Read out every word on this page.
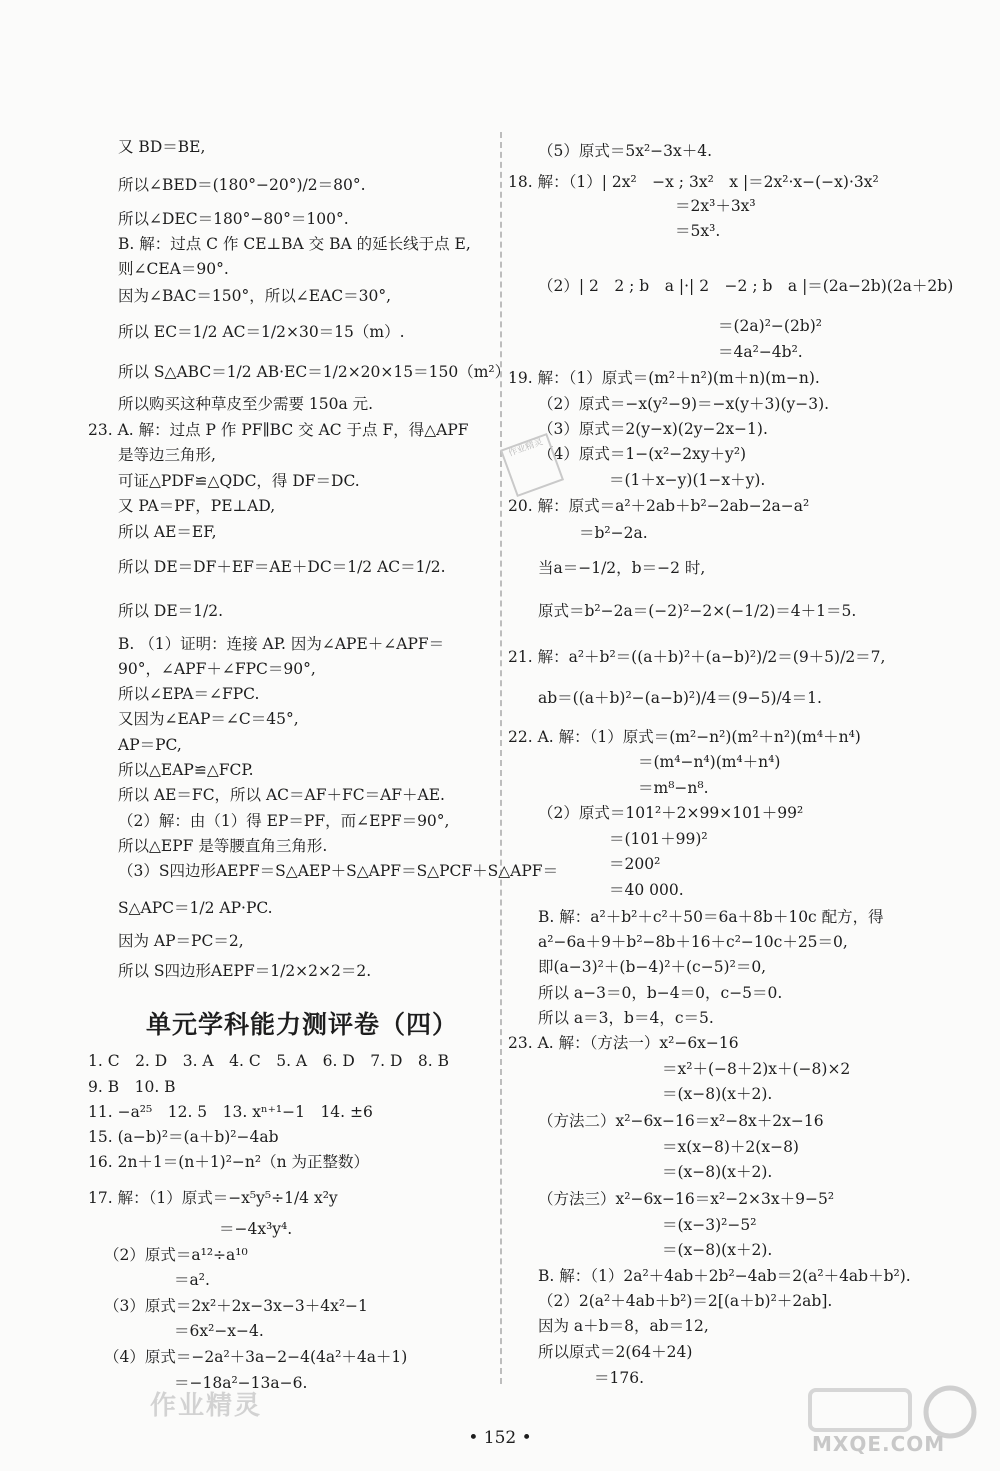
又 BD＝BE,
所以∠BED＝(180°−20°)/2＝80°.
所以∠DEC＝180°−80°＝100°.
B. 解：过点 C 作 CE⊥BA 交 BA 的延长线于点 E,
则∠CEA＝90°.
因为∠BAC＝150°，所以∠EAC＝30°,
所以 EC＝1/2 AC＝1/2×30＝15（m）.
所以 S△ABC＝1/2 AB·EC＝1/2×20×15＝150（m²）.
所以购买这种草皮至少需要 150a 元.
23. A. 解：过点 P 作 PF∥BC 交 AC 于点 F，得△APF
是等边三角形,
可证△PDF≌△QDC，得 DF＝DC.
又 PA＝PF，PE⊥AD,
所以 AE＝EF,
所以 DE＝DF＋EF＝AE＋DC＝1/2 AC＝1/2.
所以 DE＝1/2.
B. （1）证明：连接 AP. 因为∠APE＋∠APF＝
90°，∠APF＋∠FPC＝90°,
所以∠EPA＝∠FPC.
又因为∠EAP＝∠C＝45°,
AP＝PC,
所以△EAP≌△FCP.
所以 AE＝FC，所以 AC＝AF＋FC＝AF＋AE.
（2）解：由（1）得 EP＝PF，而∠EPF＝90°,
所以△EPF 是等腰直角三角形.
（3）S四边形AEPF＝S△AEP＋S△APF＝S△PCF＋S△APF＝
S△APC＝1/2 AP·PC.
因为 AP＝PC＝2,
所以 S四边形AEPF＝1/2×2×2＝2.
单元学科能力测评卷（四）
1. C　2. D　3. A　4. C　5. A　6. D　7. D　8. B
9. B　10. B
11. −a²⁵　12. 5　13. xⁿ⁺¹−1　14. ±6
15. (a−b)²＝(a＋b)²−4ab
16. 2n＋1＝(n＋1)²−n²（n 为正整数）
17. 解：（1）原式＝−x⁵y⁵÷1/4 x²y
＝−4x³y⁴.
（2）原式＝a¹²÷a¹⁰
＝a².
（3）原式＝2x²＋2x−3x−3＋4x²−1
＝6x²−x−4.
（4）原式＝−2a²＋3a−2−4(4a²＋4a＋1)
＝−18a²−13a−6.
（5）原式＝5x²−3x＋4.
18. 解：（1）| 2x²　−x ; 3x²　x |＝2x²·x−(−x)·3x²
＝2x³＋3x³
＝5x³.
（2）| 2　2 ; b　a |·| 2　−2 ; b　a |＝(2a−2b)(2a＋2b)
＝(2a)²−(2b)²
＝4a²−4b².
19. 解：（1）原式＝(m²＋n²)(m＋n)(m−n).
（2）原式＝−x(y²−9)＝−x(y＋3)(y−3).
（3）原式＝2(y−x)(2y−2x−1).
（4）原式＝1−(x²−2xy＋y²)
＝(1＋x−y)(1−x＋y).
20. 解：原式＝a²＋2ab＋b²−2ab−2a−a²
＝b²−2a.
当a＝−1/2，b＝−2 时,
原式＝b²−2a＝(−2)²−2×(−1/2)＝4＋1＝5.
21. 解：a²＋b²＝((a＋b)²＋(a−b)²)/2＝(9＋5)/2＝7,
ab＝((a＋b)²−(a−b)²)/4＝(9−5)/4＝1.
22. A. 解：（1）原式＝(m²−n²)(m²＋n²)(m⁴＋n⁴)
＝(m⁴−n⁴)(m⁴＋n⁴)
＝m⁸−n⁸.
（2）原式＝101²＋2×99×101＋99²
＝(101＋99)²
＝200²
＝40 000.
B. 解：a²＋b²＋c²＋50＝6a＋8b＋10c 配方，得
a²−6a＋9＋b²−8b＋16＋c²−10c＋25＝0,
即(a−3)²＋(b−4)²＋(c−5)²＝0,
所以 a−3＝0，b−4＝0，c−5＝0.
所以 a＝3，b＝4，c＝5.
23. A. 解：（方法一）x²−6x−16
＝x²＋(−8＋2)x＋(−8)×2
＝(x−8)(x＋2).
（方法二）x²−6x−16＝x²−8x＋2x−16
＝x(x−8)＋2(x−8)
＝(x−8)(x＋2).
（方法三）x²−6x−16＝x²−2×3x＋9−5²
＝(x−3)²−5²
＝(x−8)(x＋2).
B. 解：（1）2a²＋4ab＋2b²−4ab＝2(a²＋4ab＋b²).
（2）2(a²＋4ab＋b²)＝2[(a＋b)²＋2ab].
因为 a＋b＝8，ab＝12,
所以原式＝2(64＋24)
＝176.
作业精灵
作业精灵
MXQE.COM
• 152 •
